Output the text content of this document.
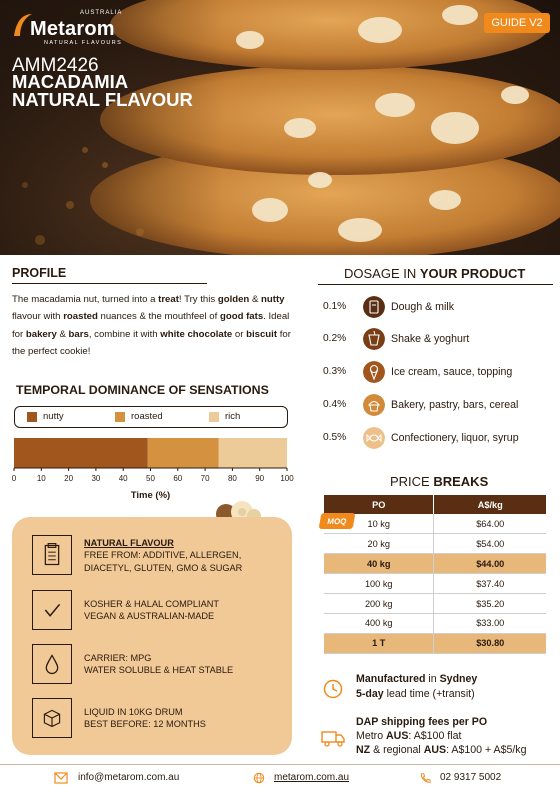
AUSTRALIA
Metarom
NATURAL FLAVOURS
GUIDE V2
AMM2426
MACADAMIA
NATURAL FLAVOUR
PROFILE
The macadamia nut, turned into a treat! Try this golden & nutty flavour with roasted nuances & the mouthfeel of good fats. Ideal for bakery & bars, combine it with white chocolate or biscuit for the perfect cookie!
TEMPORAL DOMINANCE OF SENSATIONS
nutty	roasted	rich
0	10 20 30 40 50 60 70 80 90 100
Time (%)
NATURAL FLAVOUR
FREE FROM: ADDITIVE, ALLERGEN,
DIACETYL, GLUTEN, GMO & SUGAR
KOSHER & HALAL COMPLIANT
VEGAN & AUSTRALIAN-MADE
CARRIER: MPG
WATER SOLUBLE & HEAT STABLE
LIQUID IN 10KG DRUM
BEST BEFORE: 12 MONTHS
DOSAGE IN YOUR PRODUCT
0.1%	Dough & milk
0.2%	Shake & yoghurt
0.3%	Ice cream, sauce, topping
0.4%	Bakery, pastry, bars, cereal
0.5%	Confectionery, liquor, syrup
PRICE BREAKS
PO	A$/kg
10 kg	$64.00
20 kg	$54.00
40 kg	$44.00
100 kg	$37.40
200 kg	$35.20
400 kg	$33.00
1 T	$30.80
MOQ
Manufactured in Sydney
5-day lead time (+transit)
DAP shipping fees per PO
Metro AUS: A$100 flat
NZ & regional AUS: A$100 + A$5/kg
info@metarom.com.au	metarom.com.au	02 9317 5002
